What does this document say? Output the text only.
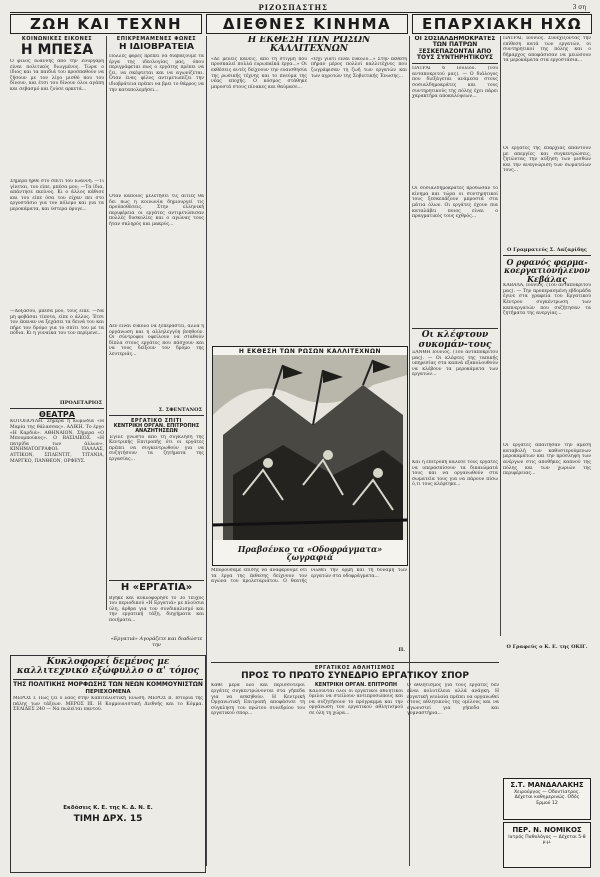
ΡΙΖΟΣΠΑΣΤΗΣ	3 ση
ΖΩΗ ΚΑΙ ΤΕΧΝΗ	ΔΙΕΘΝΕΣ ΚΙΝΗΜΑ	ΕΠΑΡΧΙΑΚΗ ΗΧΩ
ΚΟΙΝΩΝΙΚΕΣ ΕΙΚΟΝΕΣ
Η ΜΠΕΣΑ

Ο φίλος Ιωάννης από την Ζούργαρη είναι πολιτικός διωγμένος. Τώρα ο ίδιος και τα παιδιά του προσπαθούν να ζήσουν με τον λίγο μισθό που του δίνουν, και έτσι του δίνουν όλοι αγάπη και σεβασμό και ζούσε αρκετά...

Σήμερα ήρθε στο σπίτι του Ιωάννη. —Τι γίνεται, του είπε, μπέσα μου; —Τα ίδια, απάντησε εκείνος. Κι ο άλλος κάθισε και του είπε όσα του είχαν πει στο εργοστάσιο για τον πόλεμο και για τα μεροκάματα, και ύστερα έφυγε...

—Δοξάσου, μπέσα μου, τους είπε. —Να μη φοβάσαι τίποτα, είπε ο άλλος. Έτσι τον έκαναν να ξεχάσει τα δεινά του και πήρε τον δρόμο για το σπίτι του με τα πόδια. Κι η γυναίκα του τον περίμενε...

ΠΡΟΛΕΤΑΡΙΟΣ
ΘΕΑΤΡΑ

ΚΟΤΟΠΟΥΛΗ. Σήμερα η κωμωδία «Η Μαρία της θάλασσας». ΑΛΙΚΗ. Το έργο «Η Καρδιά». ΑΘΗΝΑΙΟΝ. Σήμερα «Ο Μπουμπούκος». Ο ΒΑΣΙΛΙΚΟΣ. «Η πατρίδα των άλλων». ΚΙΝΗΜΑΤΟΓΡΑΦΟΙ: ΠΑΛΛΑΣ, ΑΤΤΙΚΟΝ, ΣΠΛΕΝΤΙΤ, ΤΙΤΑΝΙΑ, ΜΑΡΓΚΟ, ΠΑΝΘΕΟΝ, ΟΡΦΕΥΣ.

ΕΠΙΚΡΕΜΑΜΕΝΕΣ ΦΩΝΕΣ
Η ΙΔΙΟΒΡΑΤΕΙΑ

Πολλές φορές πρέπει να διαβάζουμε τα έργα της ιδεολογίας μας, όπου περιγράφεται πως ο εργάτης πρέπει να ζει, να σκέφτεται και να αγωνίζεται. Όταν ένας φίλος αντιμετωπίζει την ιδιοβράτεια πρέπει να βρει το θάρρος να την καταπολεμήσει...

Όταν κάποιος μελετήσει τις αιτίες θα δει πως η κοινωνία δημιουργεί τις προϋποθέσεις. Στην ελληνική περιφέρεια οι εργάτες αντιμετώπισαν πολλές δυσκολίες και ο αγώνας τους ήταν σκληρός και μακρύς...

Δεν είναι εύκολο να ξεπεραστεί, αλλά η οργάνωση και η αλληλεγγύη βοηθούν. Οι σύντροφοι οφείλουν να σταθούν δίπλα στους εργάτες που πάσχουν και να τους δείξουν τον δρόμο της λευτεριάς...

Σ. ΣΦΕΝΤΑΝΟΣ
ΕΡΓΑΤΙΚΟ ΣΠΙΤΙ
ΚΕΝΤΡΙΚΗ ΟΡΓΑΝ. ΕΠΙΤΡΟΠΗΣ ΑΝΑΖΗΤΗΣΕΩΝ

Έγινε γνωστό από τη σύγκληση της Κεντρικής Επιτροπής ότι οι εργάτες πρέπει να συγκεντρωθούν για να συζητήσουν τα ζητήματα της εργασίας...

Η «ΕΡΓΑΤΙΑ»

Βγήκε και κυκλοφόρησε το 3ο τεύχος του περιοδικού «Η Εργατιά» με πλούσια ύλη, άρθρα για τον συνδικαλισμό και την εργατική τάξη, διηγήματα και ποιήματα...

«Εργατιά» Αγοράζετε και διαδώστε την
Η ΕΚΘΕΣΗ ΤΩΝ ΡΩΣΩΝ ΚΑΛΛΙΤΕΧΝΩΝ

«Δε μένεις κανείς, από τη στιγμή που προσκαλεί πολλά ευρωπαϊκά έργα...» Οι εκθέσεις αυτές δείχνουν την ευαισθησία της ρωσικής τέχνης και το πνεύμα της νέας εποχής. Ο κόσμος στάθηκε μπροστά στους πίνακες και θαύμασε...

«Όχι γιατί είναι εύκολο...» Στην έκθεση πήραν μέρος πολλοί καλλιτέχνες που ζωγράφισαν τη ζωή των εργατών και των αγροτών της Σοβιετικής Ένωσης...

Η ΕΚΘΕΣΗ ΤΩΝ ΡΩΣΩΝ ΚΑΛΛΙΤΕΧΝΩΝ
Πραβσένκο τα «Οδοφράγματα» ζωγραφιά

Μπορούσαμε επίσης να αναφέρουμε ότι τα έργα της έκθεσης δείχνουν τον αγώνα του προλεταριάτου. Ο θεατής νιώθει την ορμή και τη δύναμη των εργατών στα οδοφράγματα...

Π.
ΟΙ ΣΟΣΙΑΛΔΗΜΟΚΡΑΤΕΣ ΤΩΝ ΠΑΤΡΩΝ ΞΕΣΚΕΠΑΖΟΝΤΑΙ ΑΠΟ ΤΟΥΣ ΣΥΝΤΗΡΗΤΙΚΟΥΣ

ΠΑΤΡΑΙ 6 Ιουλίου. (Του ανταποκριτού μας). — Ο διάλογος που διεξάγεται ανάμεσα στους σοσιαλδημοκράτες και τους συντηρητικούς της πόλης έχει πάρει χαρακτήρα αποκαλύψεων...

Οι σοσιαλδημοκράτες πρόδωσαν το κίνημα και τώρα οι συντηρητικοί τους ξεσκεπάζουν μπροστά στα μάτια όλων. Οι εργάτες έχουν πια καταλάβει ποιος είναι ο πραγματικός τους εχθρός...

Οι κλέφτουν συκομάν-τους

ΞΑΝΘΗ Ιούνιος. (Του ανταποκριτού μας). — Οι κλέφτες της ταπικής υπηρεσίας στα καπνά εξακολουθούν να κλέβουν τα μεροκάματα των εργατών...

Και η επιτροπή κάλεσε τους εργάτες να υπερασπίσουν τα δικαιώματά τους και να οργανωθούν στα σωματεία τους για να πάρουν πίσω ό,τι τους κλέφτηκε...

ΠΑΤΡΑΙ, Ιούνιος. Συνεχίζοντας την επίθεση κατά των εργατών, οι συντηρητικοί της πόλης και ο δήμαρχος αποφάσισαν να μειώσουν τα μεροκάματα στα εργοστάσια...

Οι εργάτες της επαρχίας απαντούν με απεργίες και συγκεντρώσεις, ζητώντας την αύξηση των μισθών και την αναγνώριση των σωματείων τους...

Ο Γραμματεύς Σ. Λαζαρίδης
Ο ρφανός φαρμα-κοεργατιονήλενον Κεβάλας

ΚΑΒΑΛΑ, Ιούνιος. (Του ανταποκριτού μας). — Την προπερασμένη εβδομάδα έγινε στα γραφεία του Εργατικού Κέντρου συγκέντρωση των καπνεργατών που συζήτησαν τα ζητήματα της ανεργίας...

Οι εργάτες απαίτησαν την άμεση καταβολή των καθυστερούμενων μεροκαμάτων και την πρόσληψη των ανέργων στις αποθήκες καπνού της πόλης και των χωριών της περιφέρειας...

Ο Γραφεύς ο Κ. Ε. της ΟΚΙΓ.
ΕΡΓΑΤΙΚΟΣ ΑΘΛΗΤΙΣΜΟΣ
ΠΡΟΣ ΤΟ ΠΡΩΤΟ ΣΥΝΕΔΡΙΟ ΕΡΓΑΤΙΚΟΥ ΣΠΟΡ

Κάθε μέρα όλο και περισσότεροι εργάτες συγκεντρώνονται στα γήπεδα για να ασκηθούν. Η Κεντρική Οργανωτική Επιτροπή αποφάσισε τη σύγκληση του πρώτου συνεδρίου του εργατικού σπορ...

ΚΕΝΤΡΙΚΗ ΟΡΓΑΝ. ΕΠΙΤΡΟΠΗ

Καλούνται όλοι οι εργατικοί αθλητικοί όμιλοι να στείλουν αντιπροσώπους και να συζητήσουν το πρόγραμμα και την οργάνωση του εργατικού αθλητισμού σε όλη τη χώρα...

Ο αθλητισμός για τους εργάτες δεν είναι πολυτέλεια αλλά ανάγκη. Η εργατική νεολαία πρέπει να οργανωθεί στους αθλητικούς της ομίλους και να αγωνιστεί για γήπεδα και γυμναστήρια...

Κυκλοφορεί δεμένος με καλλιτεχνικό εξώφυλλο ο α' τόμος
ΤΗΣ ΠΟΛΙΤΙΚΗΣ ΜΟΡΦΩΣΗΣ ΤΩΝ ΝΕΩΝ ΚΟΜΜΟΥΝΙΣΤΩΝ
ΠΕΡΙΕΧΟΜΕΝΑ

ΜΕΡΟΣ Ι. Πώς ζει ο λαός στην Καπιταλιστική Ένωση. ΜΕΡΟΣ ΙΙ. Ιστορία της πάλης των τάξεων. ΜΕΡΟΣ ΙΙΙ. Η Κομμουνιστική Διεθνής και το Κόμμα. ΣΕΛΙΔΕΣ 240 — Να πωλείται παντού.

Εκδόσεις Κ. Ε. της Κ. Δ. Ν. Ε.
ΤΙΜΗ ΔΡΧ. 15
Σ.Τ. ΜΑΝΔΑΛΑΚΗΣ
Χειρούργος — Οδοντίατρος. Δέχεται καθημερινώς. Οδός Ερμού 12
ΠΕΡ. Ν. ΝΟΜΙΚΟΣ
Ιατρός Παθολόγος — Δέχεται 5-8 μ.μ.
